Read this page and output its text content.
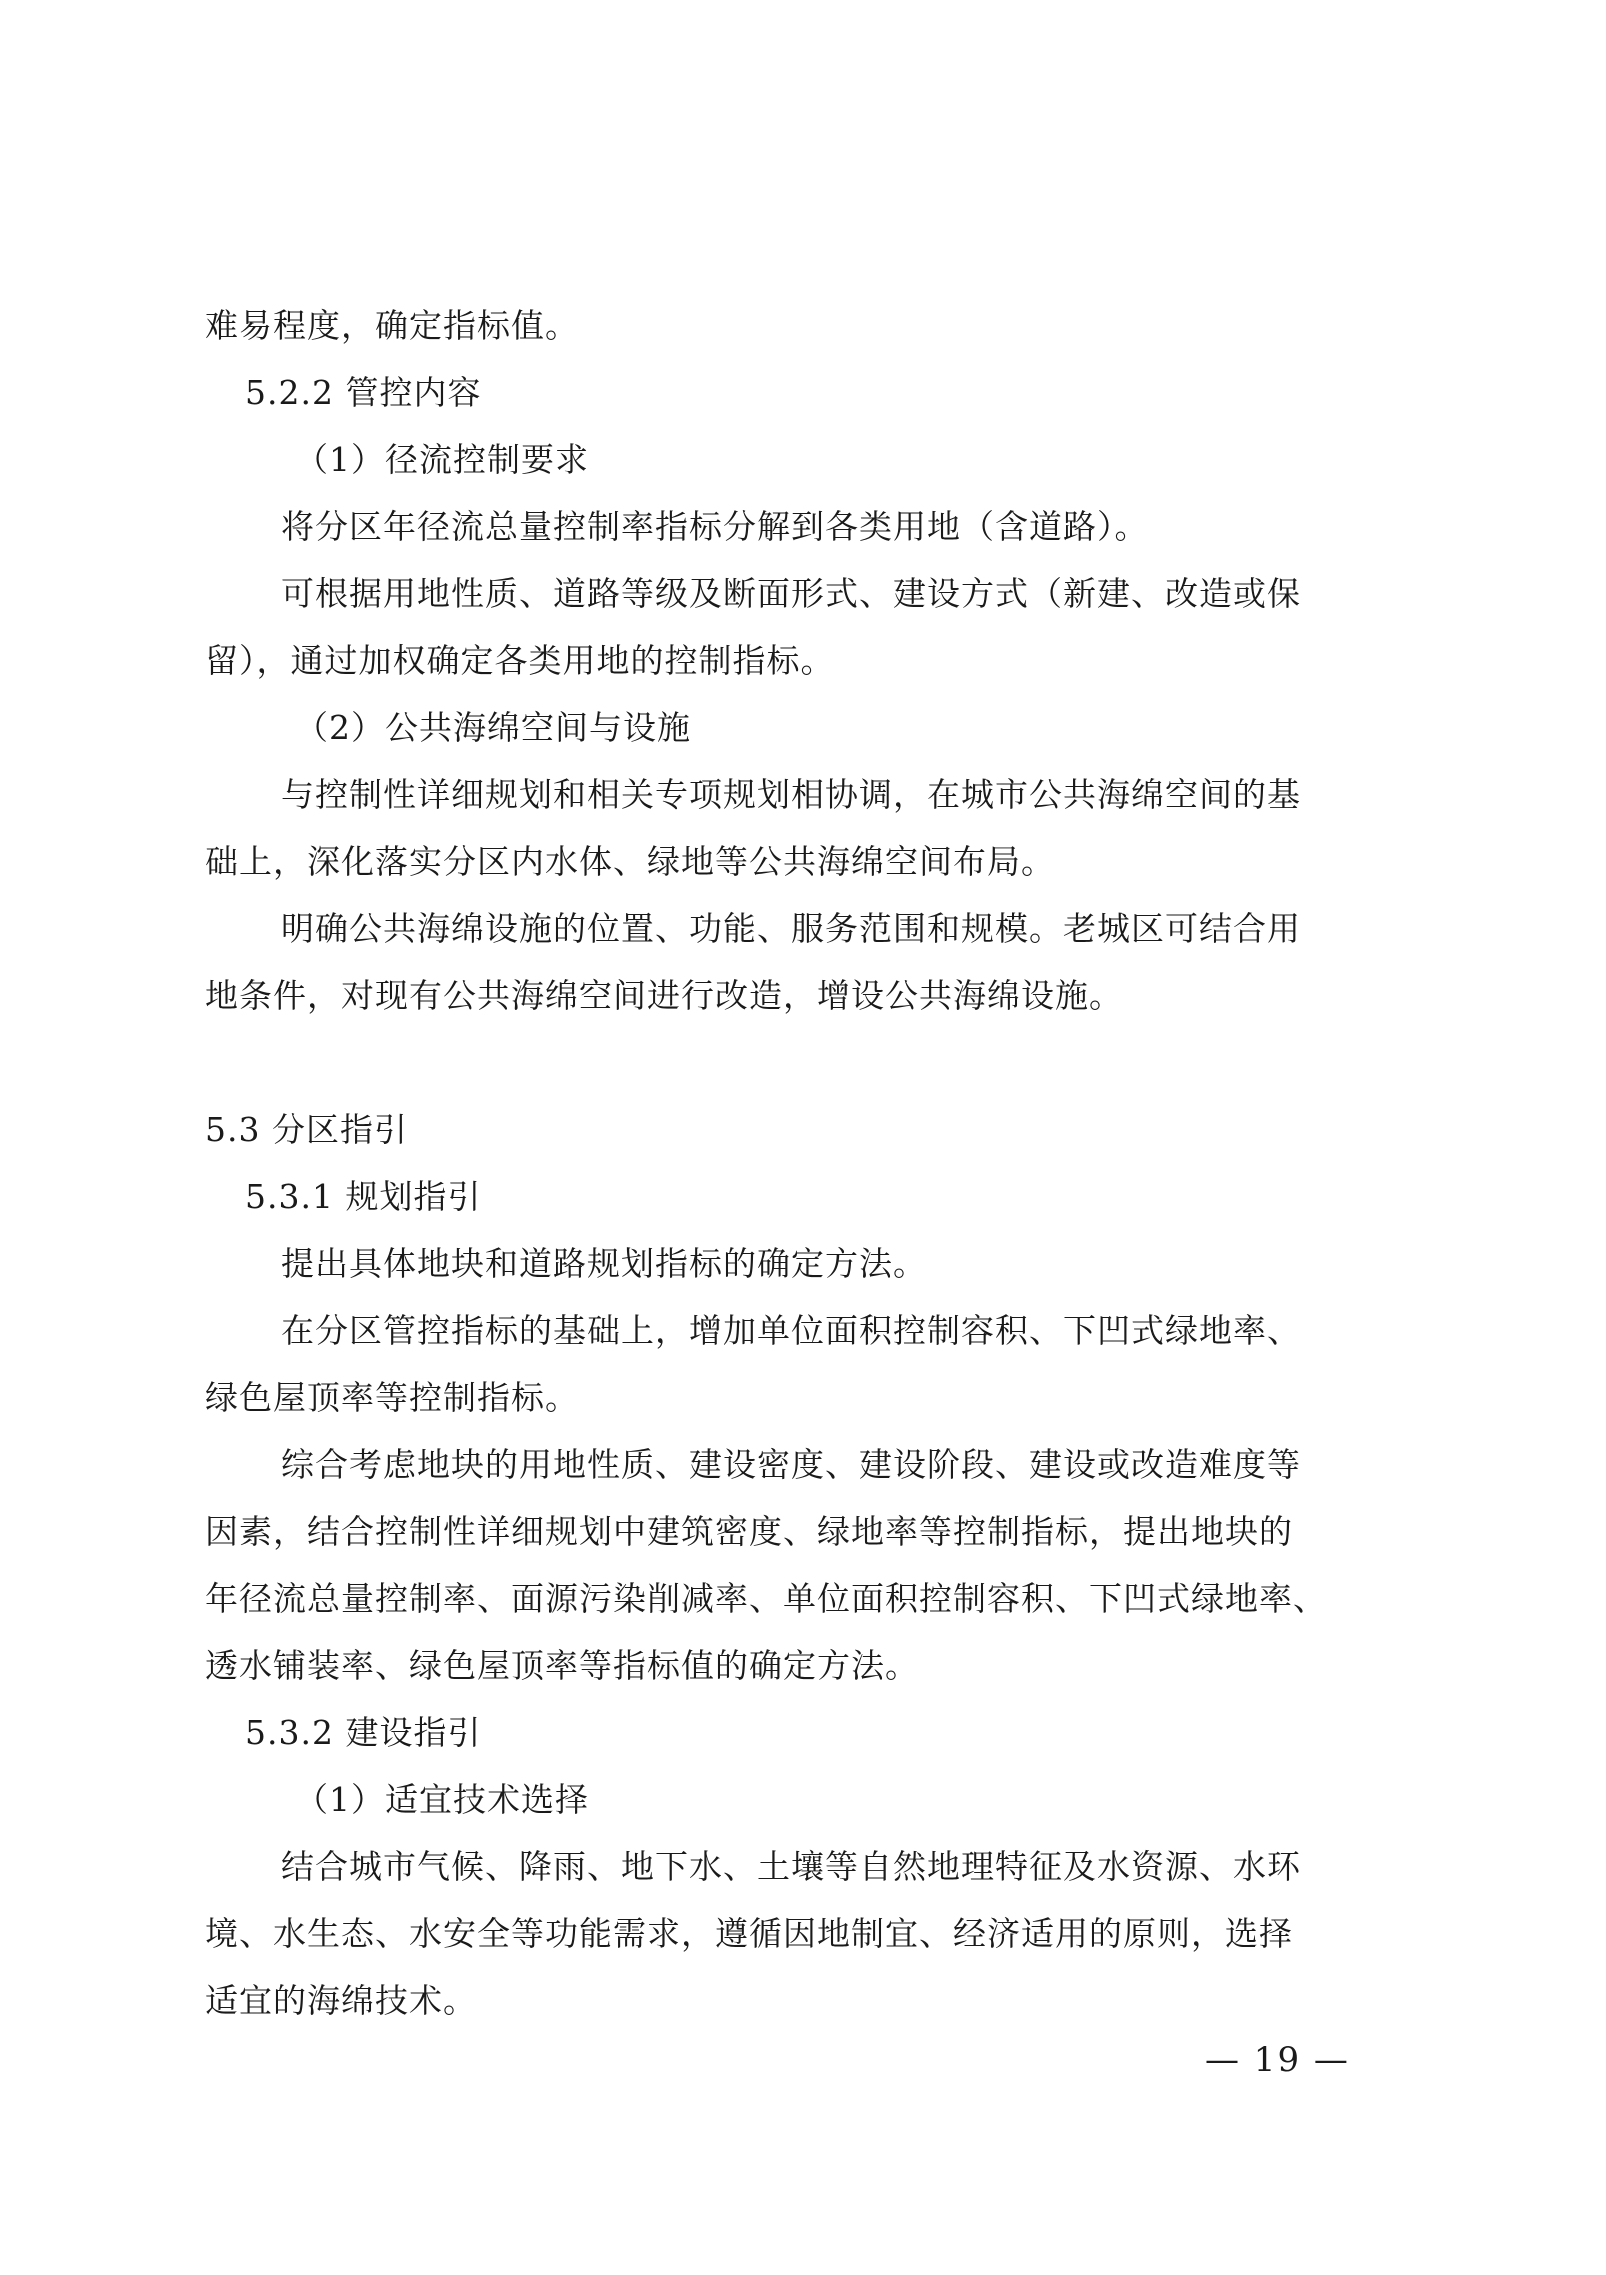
难易程度，确定指标值。

5.2.2 管控内容

（1）径流控制要求

将分区年径流总量控制率指标分解到各类用地（含道路）。

可根据用地性质、道路等级及断面形式、建设方式（新建、改造或保

留），通过加权确定各类用地的控制指标。

（2）公共海绵空间与设施

与控制性详细规划和相关专项规划相协调，在城市公共海绵空间的基

础上，深化落实分区内水体、绿地等公共海绵空间布局。

明确公共海绵设施的位置、功能、服务范围和规模。老城区可结合用

地条件，对现有公共海绵空间进行改造，增设公共海绵设施。

5.3 分区指引

5.3.1 规划指引

提出具体地块和道路规划指标的确定方法。

在分区管控指标的基础上，增加单位面积控制容积、下凹式绿地率、

绿色屋顶率等控制指标。

综合考虑地块的用地性质、建设密度、建设阶段、建设或改造难度等

因素，结合控制性详细规划中建筑密度、绿地率等控制指标，提出地块的

年径流总量控制率、面源污染削减率、单位面积控制容积、下凹式绿地率、

透水铺装率、绿色屋顶率等指标值的确定方法。

5.3.2 建设指引

（1）适宜技术选择

结合城市气候、降雨、地下水、土壤等自然地理特征及水资源、水环

境、水生态、水安全等功能需求，遵循因地制宜、经济适用的原则，选择

适宜的海绵技术。

— 19 —
